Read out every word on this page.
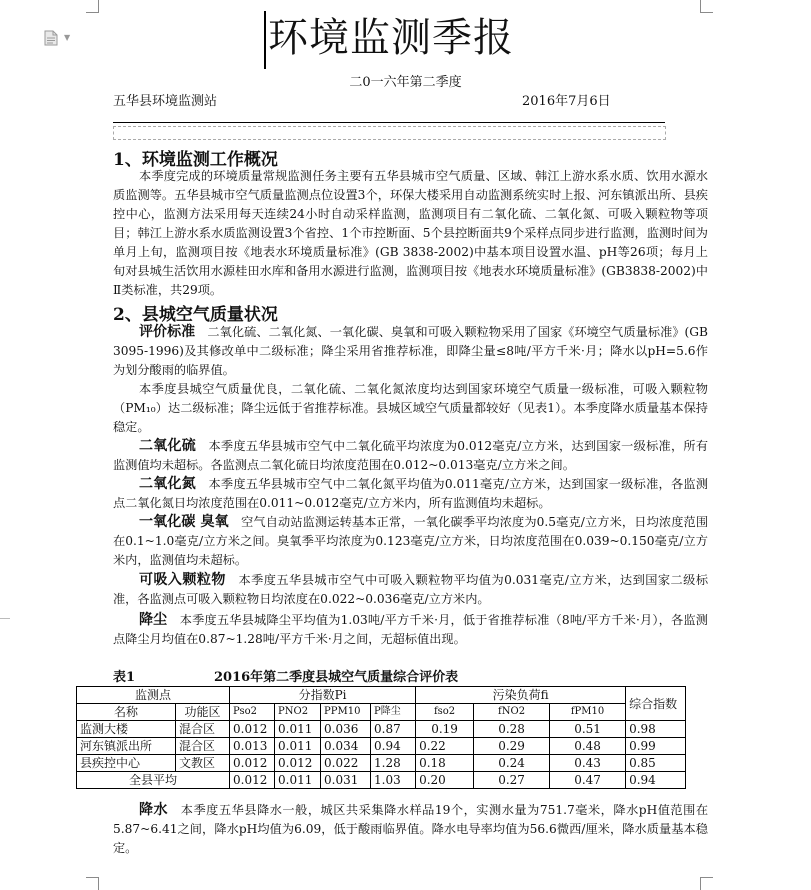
▼	环境监测季报
二0一六年第二季度
五华县环境监测站	2016年7月6日
1、环境监测工作概况
本季度完成的环境质量常规监测任务主要有五华县城市空气质量、区域、韩江上游水系水质、饮用水源水质监测等。五华县城市空气质量监测点位设置3个，环保大楼采用自动监测系统实时上报、河东镇派出所、县疾控中心，监测方法采用每天连续24小时自动采样监测，监测项目有二氧化硫、二氧化氮、可吸入颗粒物等项目；韩江上游水系水质监测设置3个省控、1个市控断面、5个县控断面共9个采样点同步进行监测，监测时间为单月上旬，监测项目按《地表水环境质量标准》(GB 3838-2002)中基本项目设置水温、pH等26项；每月上旬对县城生活饮用水源桂田水库和备用水源进行监测，监测项目按《地表水环境质量标准》(GB3838-2002)中Ⅱ类标准，共29项。
2、县城空气质量状况
评价标准　 二氧化硫、二氧化氮、一氧化碳、臭氧和可吸入颗粒物采用了国家《环境空气质量标准》(GB 3095-1996)及其修改单中二级标准；降尘采用省推荐标准，即降尘量≤8吨/平方千米·月；降水以pH=5.6作为划分酸雨的临界值。
本季度县城空气质量优良，二氧化硫、二氧化氮浓度均达到国家环境空气质量一级标准，可吸入颗粒物（PM₁₀）达二级标准；降尘远低于省推荐标准。县城区域空气质量都较好（见表1）。本季度降水质量基本保持稳定。
二氧化硫　 本季度五华县城市空气中二氧化硫平均浓度为0.012毫克/立方米，达到国家一级标准，所有监测值均未超标。各监测点二氧化硫日均浓度范围在0.012~0.013毫克/立方米之间。
二氧化氮　 本季度五华县城市空气中二氧化氮平均值为0.011毫克/立方米，达到国家一级标准，各监测点二氧化氮日均浓度范围在0.011~0.012毫克/立方米内，所有监测值均未超标。
一氧化碳 臭氧　 空气自动站监测运转基本正常，一氧化碳季平均浓度为0.5毫克/立方米，日均浓度范围在0.1~1.0毫克/立方米之间。臭氧季平均浓度为0.123毫克/立方米，日均浓度范围在0.039~0.150毫克/立方米内，监测值均未超标。
可吸入颗粒物　 本季度五华县城市空气中可吸入颗粒物平均值为0.031毫克/立方米，达到国家二级标准，各监测点可吸入颗粒物日均浓度在0.022~0.036毫克/立方米内。
降尘　 本季度五华县城降尘平均值为1.03吨/平方千米·月，低于省推荐标准（8吨/平方千米·月），各监测点降尘月均值在0.87~1.28吨/平方千米·月之间，无超标值出现。
表1	2016年第二季度县城空气质量综合评价表
监测点		分指数Pi				污染负荷fi			综合指数
名称	功能区	Pso2	PNO2	PPM10	P降尘	fso2	fNO2	fPM10	
监测大楼	混合区	0.012	0.011	0.036	0.87	0.19	0.28	0.51	0.98
河东镇派出所	混合区	0.013	0.011	0.034	0.94	0.22	0.29	0.48	0.99
县疾控中心	文教区	0.012	0.012	0.022	1.28	0.18	0.24	0.43	0.85
全县平均		0.012	0.011	0.031	1.03	0.20	0.27	0.47	0.94
降水　 本季度五华县降水一般，城区共采集降水样品19个，实测水量为751.7毫米，降水pH值范围在5.87~6.41之间，降水pH均值为6.09，低于酸雨临界值。降水电导率均值为56.6微西/厘米，降水质量基本稳定。
